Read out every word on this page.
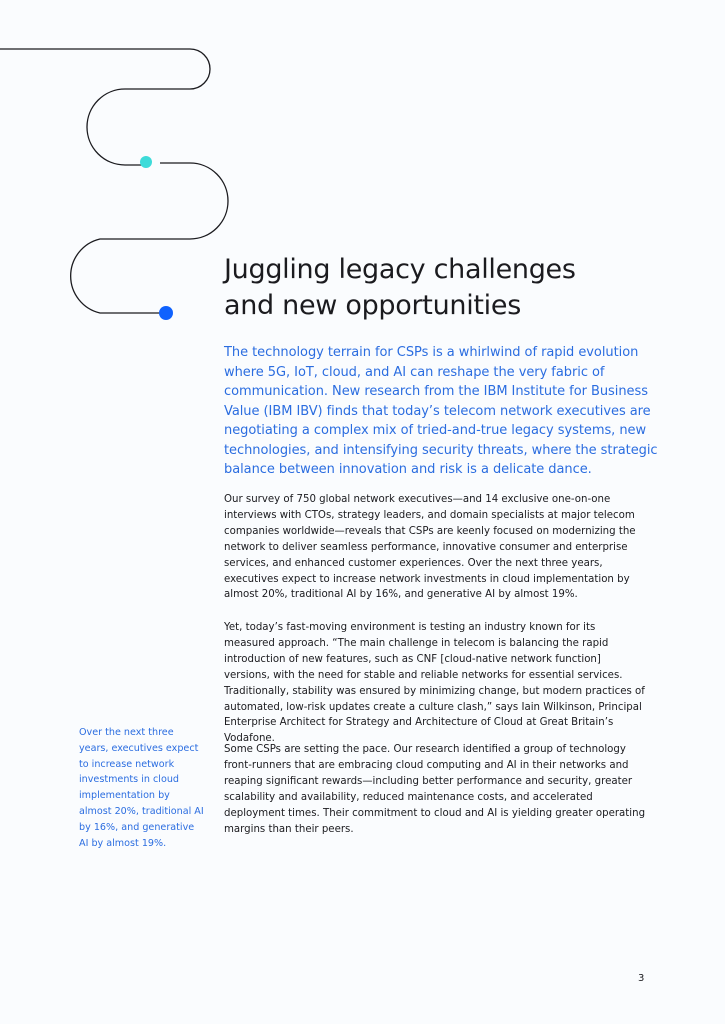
Juggling legacy challenges
and new opportunities

The technology terrain for CSPs is a whirlwind of rapid evolution where 5G, IoT, cloud, and AI can reshape the very fabric of communication. New research from the IBM Institute for Business Value (IBM IBV) finds that today’s telecom network executives are negotiating a complex mix of tried-and-true legacy systems, new technologies, and intensifying security threats, where the strategic balance between innovation and risk is a delicate dance.

Our survey of 750 global network executives—and 14 exclusive one-on-one interviews with CTOs, strategy leaders, and domain specialists at major telecom companies worldwide—reveals that CSPs are keenly focused on modernizing the network to deliver seamless performance, innovative consumer and enterprise services, and enhanced customer experiences. Over the next three years, executives expect to increase network investments in cloud implementation by almost 20%, traditional AI by 16%, and generative AI by almost 19%.

Yet, today’s fast-moving environment is testing an industry known for its measured approach. “The main challenge in telecom is balancing the rapid introduction of new features, such as CNF [cloud-native network function] versions, with the need for stable and reliable networks for essential services. Traditionally, stability was ensured by minimizing change, but modern practices of automated, low-risk updates create a culture clash,” says Iain Wilkinson, Principal Enterprise Architect for Strategy and Architecture of Cloud at Great Britain’s Vodafone.

Some CSPs are setting the pace. Our research identified a group of technology front-runners that are embracing cloud computing and AI in their networks and reaping significant rewards—including better performance and security, greater scalability and availability, reduced maintenance costs, and accelerated deployment times. Their commitment to cloud and AI is yielding greater operating margins than their peers.

Over the next three years, executives expect to increase network investments in cloud implementation by almost 20%, traditional AI by 16%, and generative AI by almost 19%.

3
